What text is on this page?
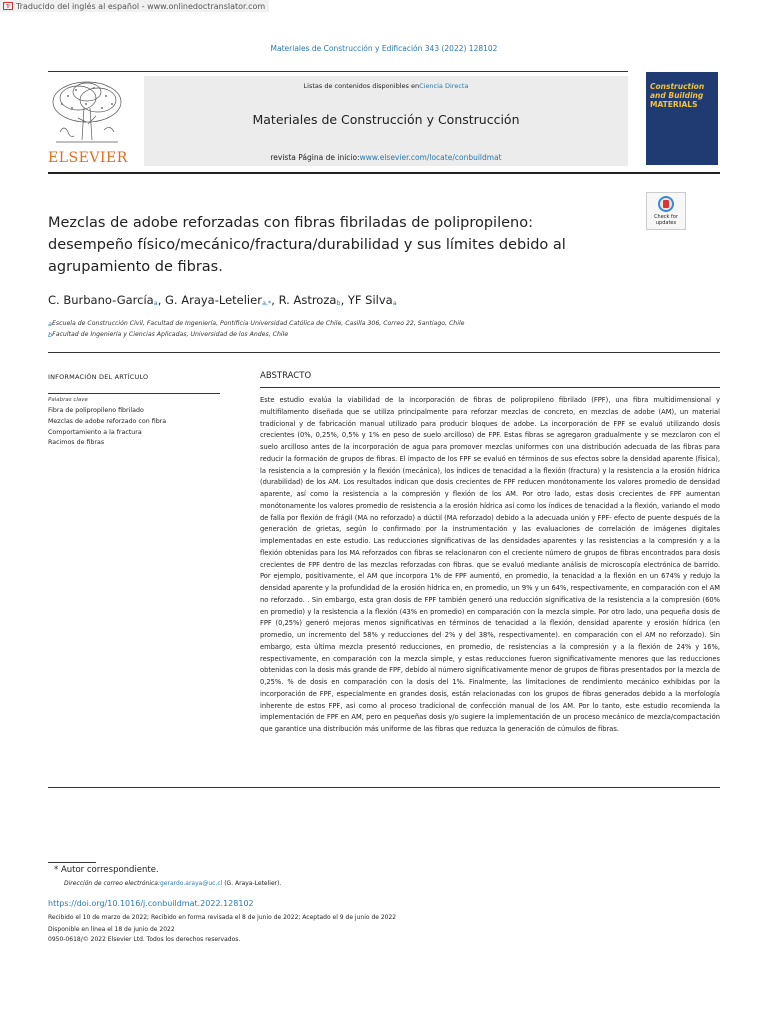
Tr Traducido del inglés al español - www.onlinedoctranslator.com
Materiales de Construcción y Edificación 343 (2022) 128102
ELSEVIER
Listas de contenidos disponibles enCiencia Directa
Materiales de Construcción y Construcción
revista Página de inicio:www.elsevier.com/locate/conbuildmat
Construction
and Building
MATERIALS
Check for
updates
Mezclas de adobe reforzadas con fibras fibriladas de polipropileno: desempeño físico/mecánico/fractura/durabilidad y sus límites debido al agrupamiento de fibras.
C. Burbano-García$^a$, G. Araya-Letelier$^{a,*}$, R. Astroza$^b$, YF Silva$^a$
$^a$Escuela de Construcción Civil, Facultad de Ingeniería, Pontificia Universidad Católica de Chile, Casilla 306, Correo 22, Santiago, Chile
$^b$Facultad de Ingeniería y Ciencias Aplicadas, Universidad de los Andes, Chile
INFORMACIÓN DEL ARTÍCULO
Palabras clave
Fibra de polipropileno fibrilado
Mezclas de adobe reforzado con fibra
Comportamiento a la fractura
Racimos de fibras
ABSTRACTO
Este estudio evalúa la viabilidad de la incorporación de fibras de polipropileno fibrilado (FPF), una fibra multidimensional y multifilamento diseñada que se utiliza principalmente para reforzar mezclas de concreto, en mezclas de adobe (AM), un material tradicional y de fabricación manual utilizado para producir bloques de adobe. La incorporación de FPF se evaluó utilizando dosis crecientes (0%, 0,25%, 0,5% y 1% en peso de suelo arcilloso) de FPF. Estas fibras se agregaron gradualmente y se mezclaron con el suelo arcilloso antes de la incorporación de agua para promover mezclas uniformes con una distribución adecuada de las fibras para reducir la formación de grupos de fibras. El impacto de los FPF se evaluó en términos de sus efectos sobre la densidad aparente (física), la resistencia a la compresión y la flexión (mecánica), los índices de tenacidad a la flexión (fractura) y la resistencia a la erosión hídrica (durabilidad) de los AM. Los resultados indican que dosis crecientes de FPF reducen monótonamente los valores promedio de densidad aparente, así como la resistencia a la compresión y flexión de los AM. Por otro lado, estas dosis crecientes de FPF aumentan monótonamente los valores promedio de resistencia a la erosión hídrica así como los índices de tenacidad a la flexión, variando el modo de falla por flexión de frágil (MA no reforzado) a dúctil (MA reforzado) debido a la adecuada unión y FPF- efecto de puente después de la generación de grietas, según lo confirmado por la instrumentación y las evaluaciones de correlación de imágenes digitales implementadas en este estudio. Las reducciones significativas de las densidades aparentes y las resistencias a la compresión y a la flexión obtenidas para los MA reforzados con fibras se relacionaron con el creciente número de grupos de fibras encontrados para dosis crecientes de FPF dentro de las mezclas reforzadas con fibras. que se evaluó mediante análisis de microscopía electrónica de barrido. Por ejemplo, positivamente, el AM que incorpora 1% de FPF aumentó, en promedio, la tenacidad a la flexión en un 674% y redujo la densidad aparente y la profundidad de la erosión hídrica en, en promedio, un 9% y un 64%, respectivamente, en comparación con el AM no reforzado. . Sin embargo, esta gran dosis de FPF también generó una reducción significativa de la resistencia a la compresión (60% en promedio) y la resistencia a la flexión (43% en promedio) en comparación con la mezcla simple. Por otro lado, una pequeña dosis de FPF (0,25%) generó mejoras menos significativas en términos de tenacidad a la flexión, densidad aparente y erosión hídrica (en promedio, un incremento del 58% y reducciones del 2% y del 38%, respectivamente). en comparación con el AM no reforzado). Sin embargo, esta última mezcla presentó reducciones, en promedio, de resistencias a la compresión y a la flexión de 24% y 16%, respectivamente, en comparación con la mezcla simple, y estas reducciones fueron significativamente menores que las reducciones obtenidas con la dosis más grande de FPF, debido al número significativamente menor de grupos de fibras presentados por la mezcla de 0,25%. % de dosis en comparación con la dosis del 1%. Finalmente, las limitaciones de rendimiento mecánico exhibidas por la incorporación de FPF, especialmente en grandes dosis, están relacionadas con los grupos de fibras generados debido a la morfología inherente de estos FPF, así como al proceso tradicional de confección manual de los AM. Por lo tanto, este estudio recomienda la implementación de FPF en AM, pero en pequeñas dosis y/o sugiere la implementación de un proceso mecánico de mezcla/compactación que garantice una distribución más uniforme de las fibras que reduzca la generación de cúmulos de fibras.
* Autor correspondiente.
Dirección de correo electrónica:gerardo.araya@uc.cl (G. Araya-Letelier).
https://doi.org/10.1016/j.conbuildmat.2022.128102
Recibido el 10 de marzo de 2022; Recibido en forma revisada el 8 de junio de 2022; Aceptado el 9 de junio de 2022
Disponible en línea el 18 de junio de 2022
0950-0618/© 2022 Elsevier Ltd. Todos los derechos reservados.
